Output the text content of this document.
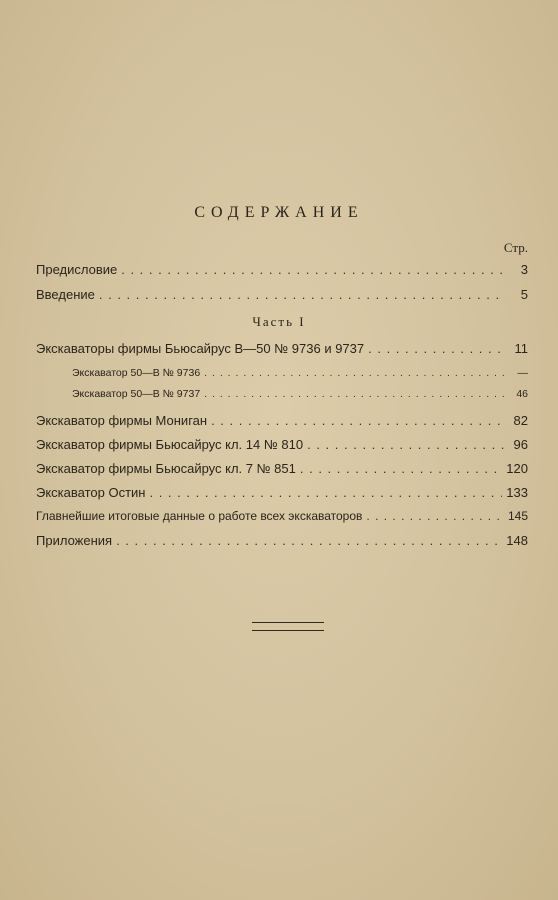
СОДЕРЖАНИЕ
Стр.
Предисловие . . .	3
Введение . . .	5
Экскаваторы фирмы Бьюсайрус В—50 № 9736 и 9737 . . .	11
Экскаватор 50—В № 9736 . . .	—
Экскаватор 50—В № 9737 . . .	46
Экскаватор фирмы Мониган . . .	82
Экскаватор фирмы Бьюсайрус кл. 14 № 810 . . .	96
Экскаватор фирмы Бьюсайрус кл. 7 № 851 . . .	120
Экскаватор Остин . . .	133
Главнейшие итоговые данные о работе всех экскаваторов . . .	145
Приложения . . .	148
Часть I
